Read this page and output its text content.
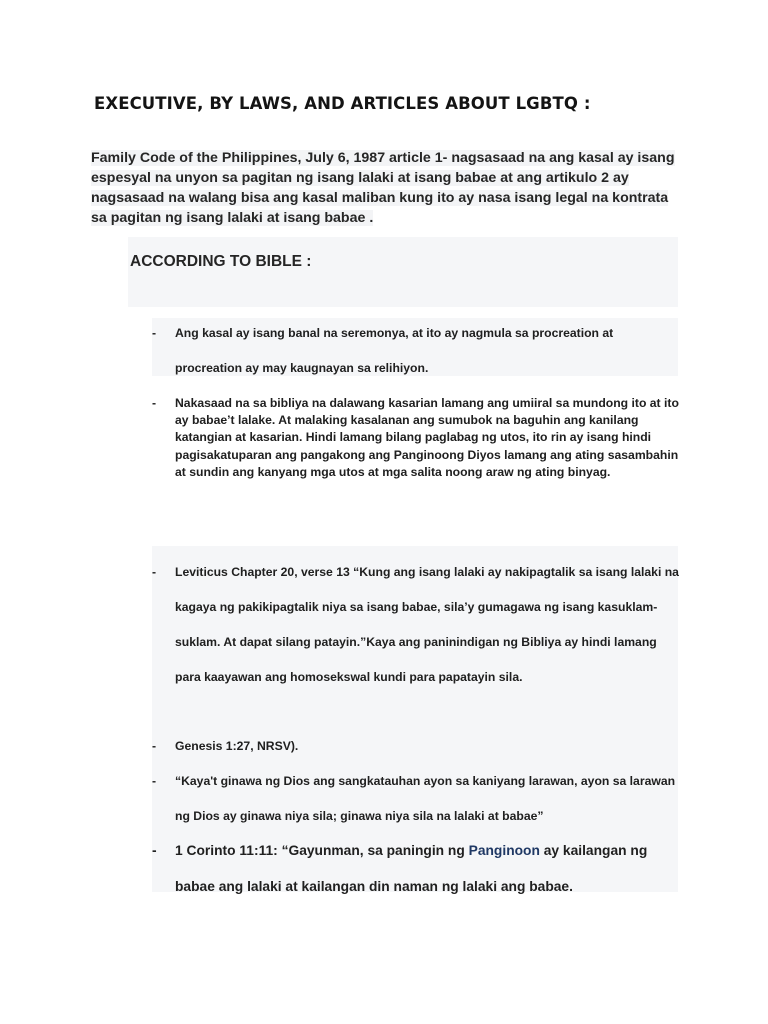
EXECUTIVE, BY LAWS, AND ARTICLES ABOUT LGBTQ :

Family Code of the Philippines, July 6, 1987 article 1- nagsasaad na ang kasal ay isang espesyal na unyon sa pagitan ng isang lalaki at isang babae at ang artikulo 2 ay nagsasaad na walang bisa ang kasal maliban kung ito ay nasa isang legal na kontrata sa pagitan ng isang lalaki at isang babae .

ACCORDING TO BIBLE :
-	Ang kasal ay isang banal na seremonya, at ito ay nagmula sa procreation at procreation ay may kaugnayan sa relihiyon.
-	Nakasaad na sa bibliya na dalawang kasarian lamang ang umiiral sa mundong ito at ito ay babae’t lalake. At malaking kasalanan ang sumubok na baguhin ang kanilang katangian at kasarian. Hindi lamang bilang paglabag ng utos, ito rin ay isang hindi pagisakatuparan ang pangakong ang Panginoong Diyos lamang ang ating sasambahin at sundin ang kanyang mga utos at mga salita noong araw ng ating binyag.
-	Leviticus Chapter 20, verse 13 “Kung ang isang lalaki ay nakipagtalik sa isang lalaki na kagaya ng pakikipagtalik niya sa isang babae, sila’y gumagawa ng isang kasuklam-suklam. At dapat silang patayin.”Kaya ang paninindigan ng Bibliya ay hindi lamang para kaayawan ang homosekswal kundi para papatayin sila.
-	Genesis 1:27, NRSV).
-	“Kaya't ginawa ng Dios ang sangkatauhan ayon sa kaniyang larawan, ayon sa larawan ng Dios ay ginawa niya sila; ginawa niya sila na lalaki at babae”
-	1 Corinto 11:11: “Gayunman, sa paningin ng Panginoon ay kailangan ng babae ang lalaki at kailangan din naman ng lalaki ang babae.
